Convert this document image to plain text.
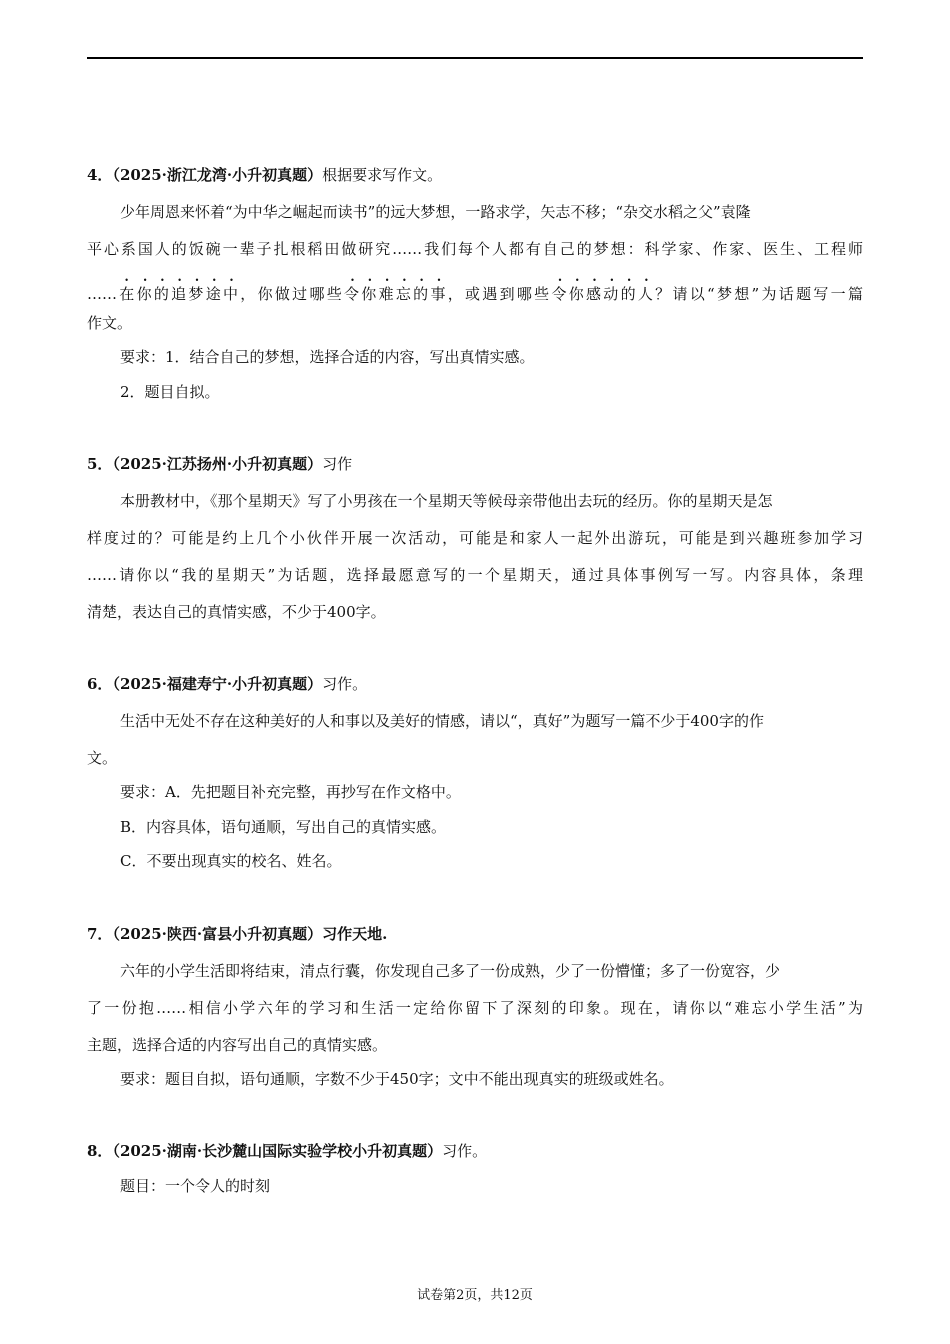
4．（2025·浙江龙湾·小升初真题）根据要求写作文。
少年周恩来怀着“为中华之崛起而读书”的远大梦想，一路求学，矢志不移；“杂交水稻之父”袁隆
平心系国人的饭碗一辈子扎根稻田做研究……我们每个人都有自己的梦想：科学家、作家、医生、工程师
……在你的追梦途中，你做过哪些令你难忘的事，或遇到哪些令你感动的人？请以“梦想”为话题写一篇
作文。
要求：1．结合自己的梦想，选择合适的内容，写出真情实感。
2．题目自拟。
5．（2025·江苏扬州·小升初真题）习作
本册教材中，《那个星期天》写了小男孩在一个星期天等候母亲带他出去玩的经历。你的星期天是怎
样度过的？可能是约上几个小伙伴开展一次活动，可能是和家人一起外出游玩，可能是到兴趣班参加学习
……请你以“我的星期天”为话题，选择最愿意写的一个星期天，通过具体事例写一写。内容具体，条理
清楚，表达自己的真情实感，不少于400字。
6．（2025·福建寿宁·小升初真题）习作。
生活中无处不存在这种美好的人和事以及美好的情感，请以“，真好”为题写一篇不少于400字的作
文。
要求：A．先把题目补充完整，再抄写在作文格中。
B．内容具体，语句通顺，写出自己的真情实感。
C．不要出现真实的校名、姓名。
7．（2025·陕西·富县小升初真题）习作天地.
六年的小学生活即将结束，清点行囊，你发现自己多了一份成熟，少了一份懵懂；多了一份宽容，少
了一份抱……相信小学六年的学习和生活一定给你留下了深刻的印象。现在，请你以“难忘小学生活”为
主题，选择合适的内容写出自己的真情实感。
要求：题目自拟，语句通顺，字数不少于450字；文中不能出现真实的班级或姓名。
8．（2025·湖南·长沙麓山国际实验学校小升初真题）习作。
题目：一个令人的时刻
试卷第2页，共12页
